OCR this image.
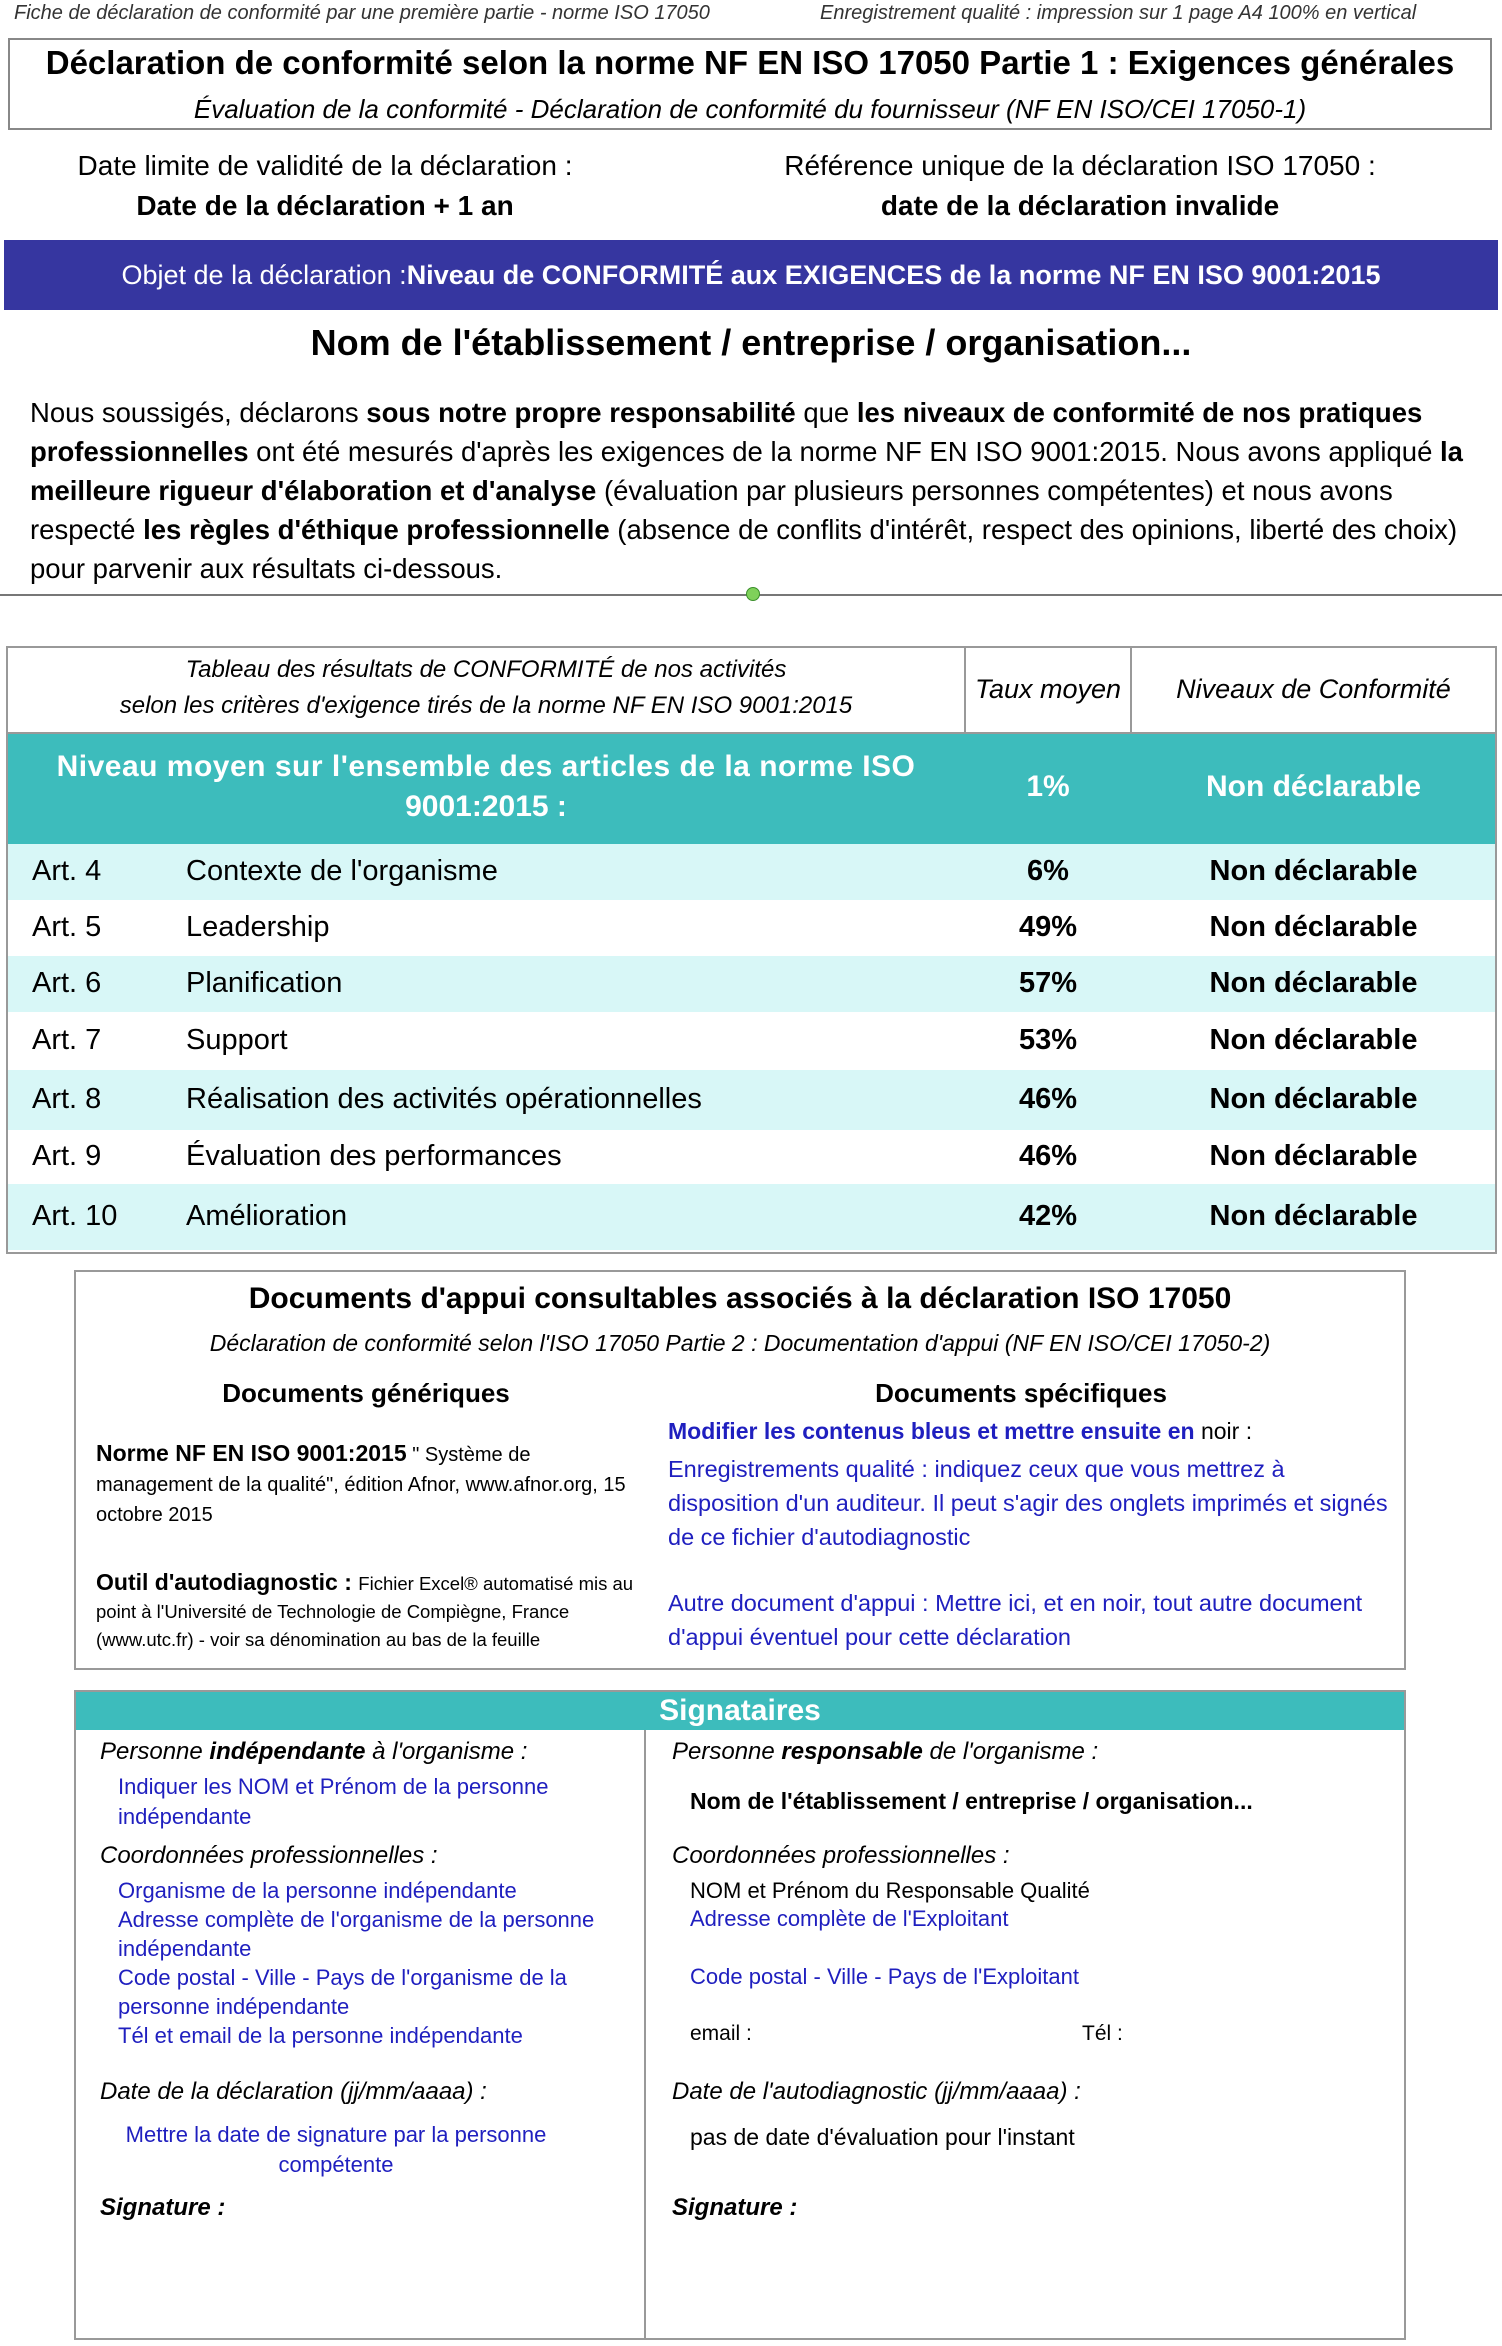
Fiche de déclaration de conformité par une première partie - norme ISO 17050	Enregistrement qualité : impression sur 1 page A4 100% en vertical
Déclaration de conformité selon la norme NF EN ISO 17050 Partie 1 : Exigences générales
Évaluation de la conformité - Déclaration de conformité du fournisseur (NF EN ISO/CEI 17050-1)
Date limite de validité de la déclaration :
Date de la déclaration + 1 an
Référence unique de la déclaration ISO 17050 :
date de la déclaration invalide
Objet de la déclaration : Niveau de CONFORMITÉ aux EXIGENCES de la norme NF EN ISO 9001:2015
Nom de l'établissement / entreprise / organisation...
Nous soussigés, déclarons sous notre propre responsabilité que les niveaux de conformité de nos pratiques professionnelles ont été mesurés d'après les exigences de la norme NF EN ISO 9001:2015. Nous avons appliqué la meilleure rigueur d'élaboration et d'analyse (évaluation par plusieurs personnes compétentes) et nous avons respecté les règles d'éthique professionnelle (absence de conflits d'intérêt, respect des opinions, liberté des choix) pour parvenir aux résultats ci-dessous.
Tableau des résultats de CONFORMITÉ de nos activités
selon les critères d'exigence tirés de la norme NF EN ISO 9001:2015
Taux moyen	Niveaux de Conformité
Niveau moyen sur l'ensemble des articles de la norme ISO
9001:2015 :
1%	Non déclarable
Art. 4	Contexte de l'organisme	6%	Non déclarable
Art. 5	Leadership	49%	Non déclarable
Art. 6	Planification	57%	Non déclarable
Art. 7	Support	53%	Non déclarable
Art. 8	Réalisation des activités opérationnelles	46%	Non déclarable
Art. 9	Évaluation des performances	46%	Non déclarable
Art. 10 Amélioration	42%	Non déclarable
Documents d'appui consultables associés à la déclaration ISO 17050
Déclaration de conformité selon l'ISO 17050 Partie 2 : Documentation d'appui (NF EN ISO/CEI 17050-2)
Documents génériques
Norme NF EN ISO 9001:2015 " Système de management de la qualité", édition Afnor, www.afnor.org, 15 octobre 2015
Outil d'autodiagnostic : Fichier Excel® automatisé mis au point à l'Université de Technologie de Compiègne, France (www.utc.fr) - voir sa dénomination au bas de la feuille
Documents spécifiques
Modifier les contenus bleus et mettre ensuite en noir :
Enregistrements qualité : indiquez ceux que vous mettrez à disposition d'un auditeur. Il peut s'agir des onglets imprimés et signés de ce fichier d'autodiagnostic
Autre document d'appui : Mettre ici, et en noir, tout autre document d'appui éventuel pour cette déclaration
Signataires
Personne indépendante à l'organisme :
Indiquer les NOM et Prénom de la personne indépendante
Coordonnées professionnelles :
Organisme de la personne indépendante
Adresse complète de l'organisme de la personne indépendante
Code postal - Ville - Pays de l'organisme de la personne indépendante
Tél et email de la personne indépendante
Date de la déclaration (jj/mm/aaaa) :
Mettre la date de signature par la personne compétente
Signature :
Personne responsable de l'organisme :
Nom de l'établissement / entreprise / organisation...
Coordonnées professionnelles :
NOM et Prénom du Responsable Qualité
Adresse complète de l'Exploitant
Code postal - Ville - Pays de l'Exploitant
email :	Tél :
Date de l'autodiagnostic (jj/mm/aaaa) :
pas de date d'évaluation pour l'instant
Signature :
